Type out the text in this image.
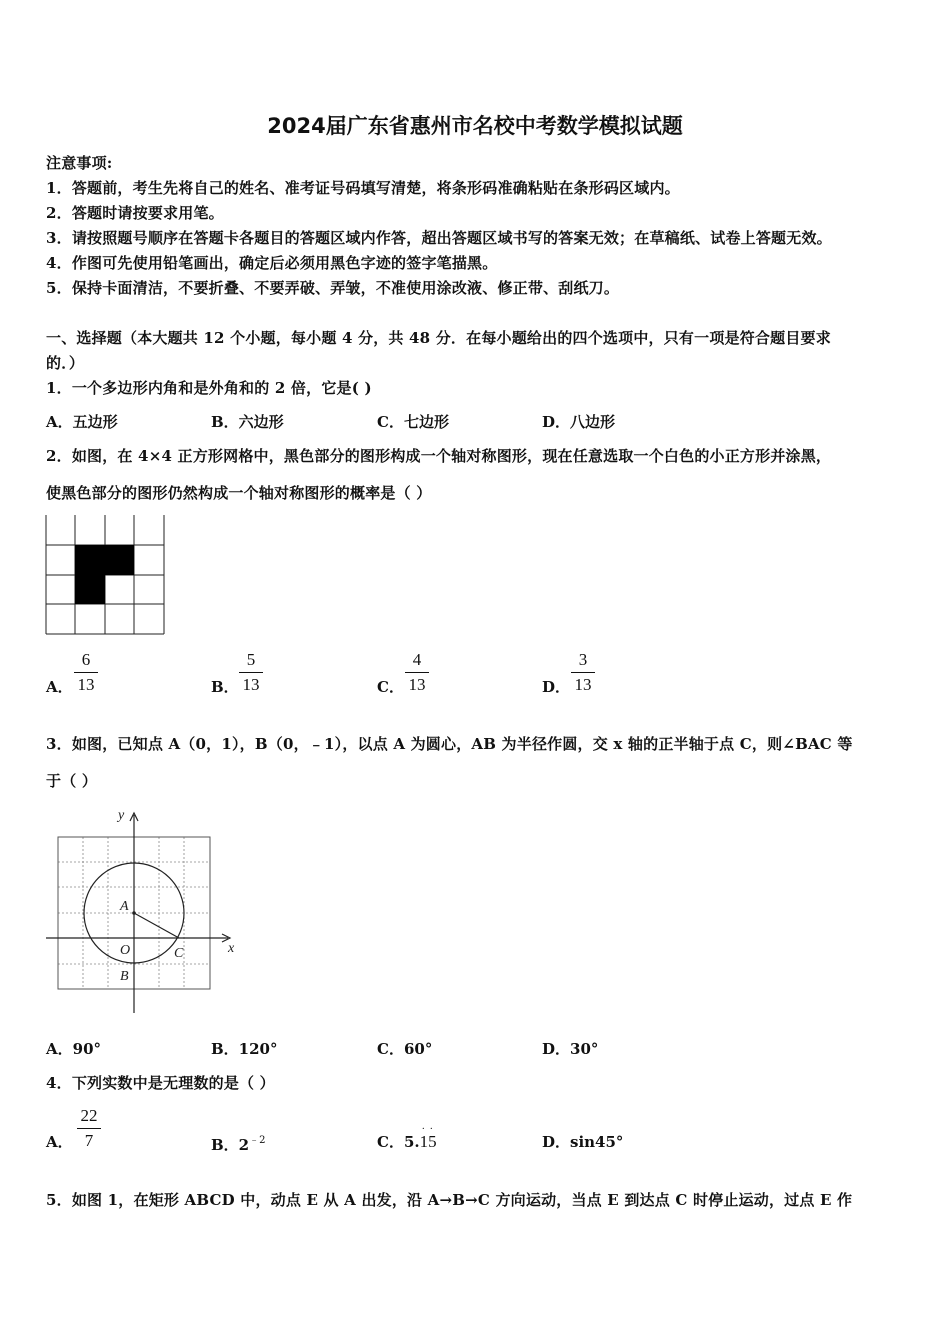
2024届广东省惠州市名校中考数学模拟试题
注意事项:
1．答题前，考生先将自己的姓名、准考证号码填写清楚，将条形码准确粘贴在条形码区域内。
2．答题时请按要求用笔。
3．请按照题号顺序在答题卡各题目的答题区域内作答，超出答题区域书写的答案无效；在草稿纸、试卷上答题无效。
4．作图可先使用铅笔画出，确定后必须用黑色字迹的签字笔描黑。
5．保持卡面清洁，不要折叠、不要弄破、弄皱，不准使用涂改液、修正带、刮纸刀。
一、选择题（本大题共 12 个小题，每小题 4 分，共 48 分．在每小题给出的四个选项中，只有一项是符合题目要求
的．）
1．一个多边形内角和是外角和的 2 倍，它是( )
A．五边形	B．六边形	C．七边形	D．八边形
2．如图，在 4×4 正方形网格中，黑色部分的图形构成一个轴对称图形，现在任意选取一个白色的小正方形并涂黑，
使黑色部分的图形仍然构成一个轴对称图形的概率是（ ）
A．
6
13	B．
5
13	C．
4
13	D．
3
13
3．如图，已知点 A（0，1），B（0，﹣1），以点 A 为圆心，AB 为半径作圆，交 x 轴的正半轴于点 C，则∠BAC 等
于（ ）
y
x
A
O
B
C
A．90°	B．120°	C．60°	D．30°
4．下列实数中是无理数的是（ ）
A．
22
7	B．$2^{﹣2}$	C．5.
· ·
15	D．sin45°
5．如图 1，在矩形 ABCD 中，动点 E 从 A 出发，沿 A→B→C 方向运动，当点 E 到达点 C 时停止运动，过点 E 作
